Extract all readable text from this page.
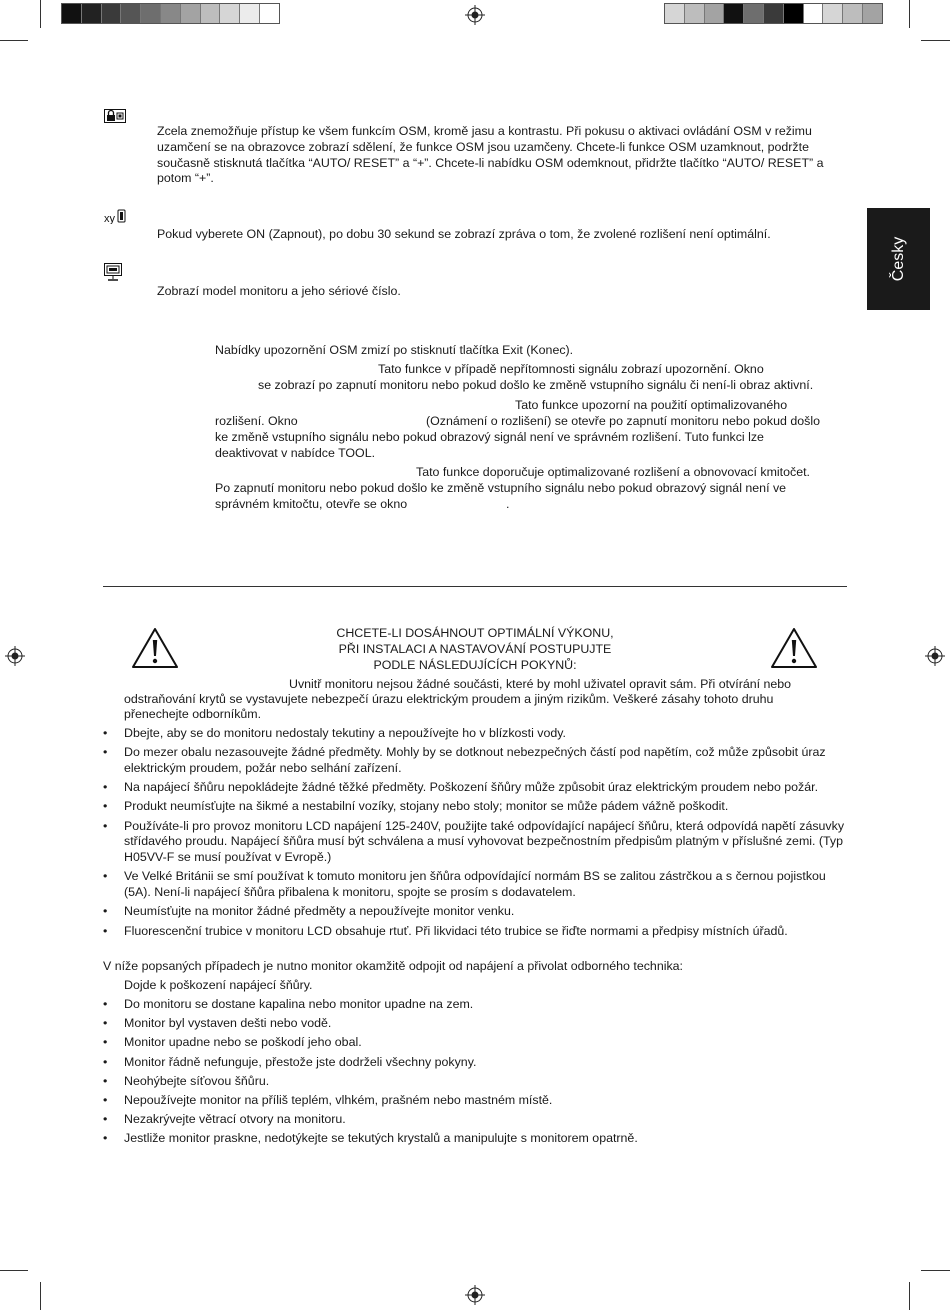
Česky
Zcela znemožňuje přístup ke všem funkcím OSM, kromě jasu a kontrastu. Při pokusu o aktivaci ovládání OSM v režimu uzamčení se na obrazovce zobrazí sdělení, že funkce OSM jsou uzamčeny. Chcete-li funkce OSM uzamknout, podržte současně stisknutá tlačítka “AUTO/ RESET” a “+”. Chcete-li nabídku OSM odemknout, přidržte tlačítko “AUTO/ RESET” a potom “+”.
xy
Pokud vyberete ON (Zapnout), po dobu 30 sekund se zobrazí zpráva o tom, že zvolené rozlišení není optimální.
Zobrazí model monitoru a jeho sériové číslo.
Nabídky upozornění OSM zmizí po stisknutí tlačítka Exit (Konec).
Tato funkce v případě nepřítomnosti signálu zobrazí upozornění. Okno
se zobrazí po zapnutí monitoru nebo pokud došlo ke změně vstupního signálu či není-li obraz aktivní.
Tato funkce upozorní na použití optimalizovaného
rozlišení. Okno	(Oznámení o rozlišení) se otevře po zapnutí monitoru nebo pokud došlo
ke změně vstupního signálu nebo pokud obrazový signál není ve správném rozlišení. Tuto funkci lze
deaktivovat v nabídce TOOL.
Tato funkce doporučuje optimalizované rozlišení a obnovovací kmitočet.
Po zapnutí monitoru nebo pokud došlo ke změně vstupního signálu nebo pokud obrazový signál není ve
správném kmitočtu, otevře se okno	.
CHCETE-LI DOSÁHNOUT OPTIMÁLNÍ VÝKONU,
PŘI INSTALACI A NASTAVOVÁNÍ POSTUPUJTE
PODLE NÁSLEDUJÍCÍCH POKYNŮ:
Uvnitř monitoru nejsou žádné součásti, které by mohl uživatel opravit sám. Při otvírání nebo
odstraňování krytů se vystavujete nebezpečí úrazu elektrickým proudem a jiným rizikům. Veškeré zásahy tohoto druhu
přenechejte odborníkům.
• Dbejte, aby se do monitoru nedostaly tekutiny a nepoužívejte ho v blízkosti vody.
• Do mezer obalu nezasouvejte žádné předměty. Mohly by se dotknout nebezpečných částí pod napětím, což může způsobit úraz elektrickým proudem, požár nebo selhání zařízení.
• Na napájecí šňůru nepokládejte žádné těžké předměty. Poškození šňůry může způsobit úraz elektrickým proudem nebo požár.
• Produkt neumísťujte na šikmé a nestabilní vozíky, stojany nebo stoly; monitor se může pádem vážně poškodit.
• Používáte-li pro provoz monitoru LCD napájení 125-240V, použijte také odpovídající napájecí šňůru, která odpovídá napětí zásuvky střídavého proudu. Napájecí šňůra musí být schválena a musí vyhovovat bezpečnostním předpisům platným v příslušné zemi. (Typ H05VV-F se musí používat v Evropě.)
• Ve Velké Británii se smí používat k tomuto monitoru jen šňůra odpovídající normám BS se zalitou zástrčkou a s černou pojistkou (5A). Není-li napájecí šňůra přibalena k monitoru, spojte se prosím s dodavatelem.
• Neumísťujte na monitor žádné předměty a nepoužívejte monitor venku.
• Fluorescenční trubice v monitoru LCD obsahuje rtuť. Při likvidaci této trubice se řiďte normami a předpisy místních úřadů.
V níže popsaných případech je nutno monitor okamžitě odpojit od napájení a přivolat odborného technika:
Dojde k poškození napájecí šňůry.
• Do monitoru se dostane kapalina nebo monitor upadne na zem.
• Monitor byl vystaven dešti nebo vodě.
• Monitor upadne nebo se poškodí jeho obal.
• Monitor řádně nefunguje, přestože jste dodrželi všechny pokyny.
• Neohýbejte síťovou šňůru.
• Nepoužívejte monitor na příliš teplém, vlhkém, prašném nebo mastném místě.
• Nezakrývejte větrací otvory na monitoru.
• Jestliže monitor praskne, nedotýkejte se tekutých krystalů a manipulujte s monitorem opatrně.
